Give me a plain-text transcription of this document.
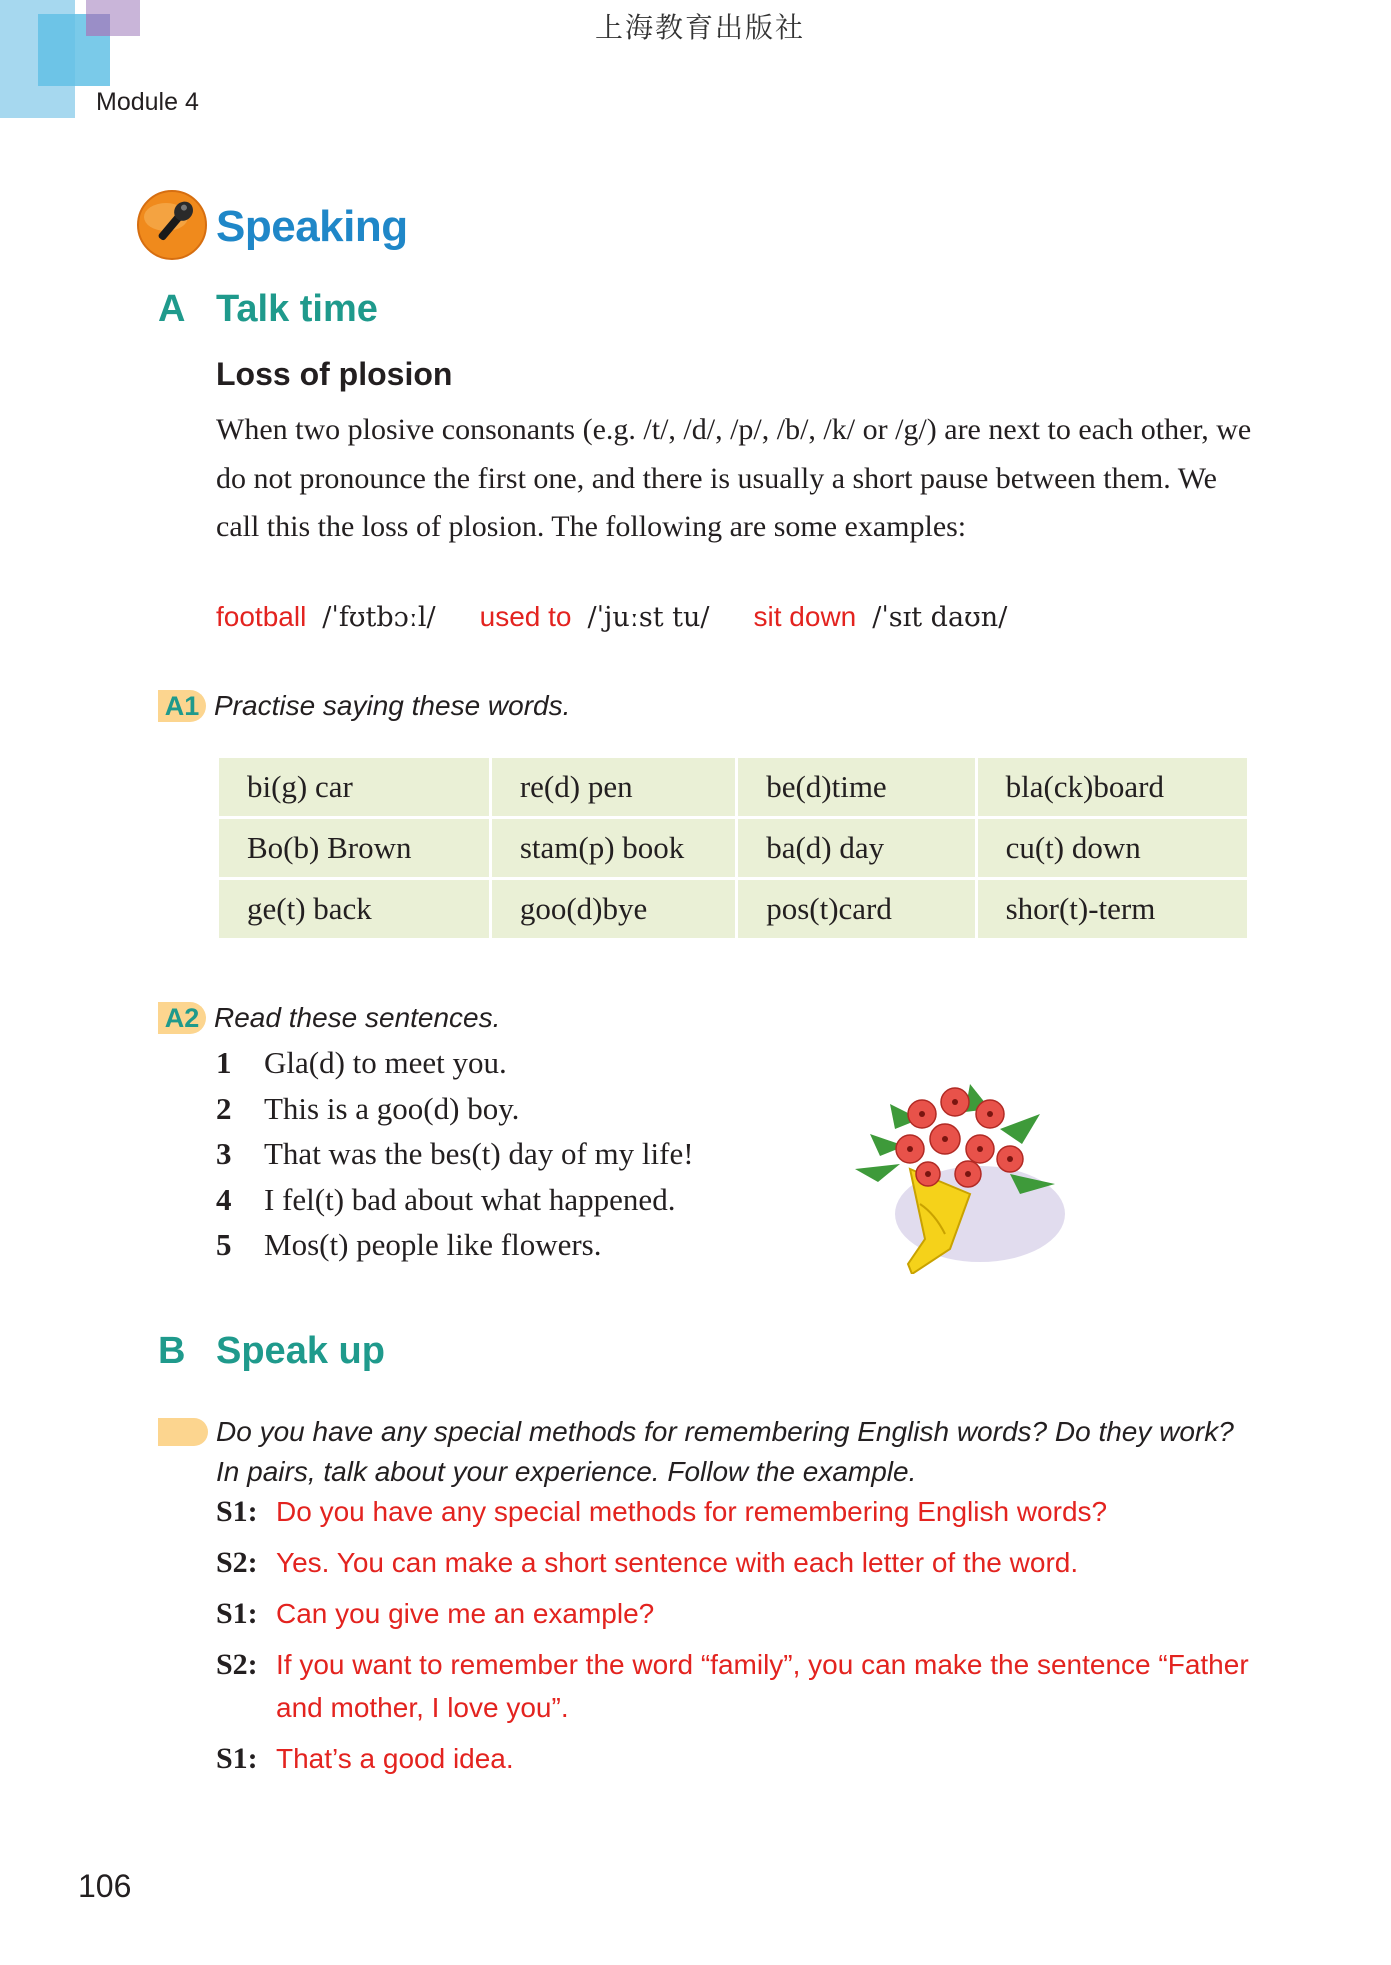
上海教育出版社
Module 4
Speaking
A Talk time
Loss of plosion
When two plosive consonants (e.g. /t/, /d/, /p/, /b/, /k/ or /g/) are next to each other, we do not pronounce the first one, and there is usually a short pause between them. We call this the loss of plosion. The following are some examples:
football /ˈfʊtbɔːl/ used to /ˈjuːst tu/ sit down /ˈsɪt daʊn/
A1 Practise saying these words.
bi(g) car	re(d) pen	be(d)time	bla(ck)board
Bo(b) Brown	stam(p) book	ba(d) day	cu(t) down
ge(t) back	goo(d)bye	pos(t)card	shor(t)-term
A2 Read these sentences.
1 Gla(d) to meet you.
2 This is a goo(d) boy.
3 That was the bes(t) day of my life!
4 I fel(t) bad about what happened.
5 Mos(t) people like flowers.
B Speak up
Do you have any special methods for remembering English words? Do they work?
In pairs, talk about your experience. Follow the example.
S1: Do you have any special methods for remembering English words?
S2: Yes. You can make a short sentence with each letter of the word.
S1: Can you give me an example?
S2: If you want to remember the word “family”, you can make the sentence “Father and mother, I love you”.
S1: That’s a good idea.
106
